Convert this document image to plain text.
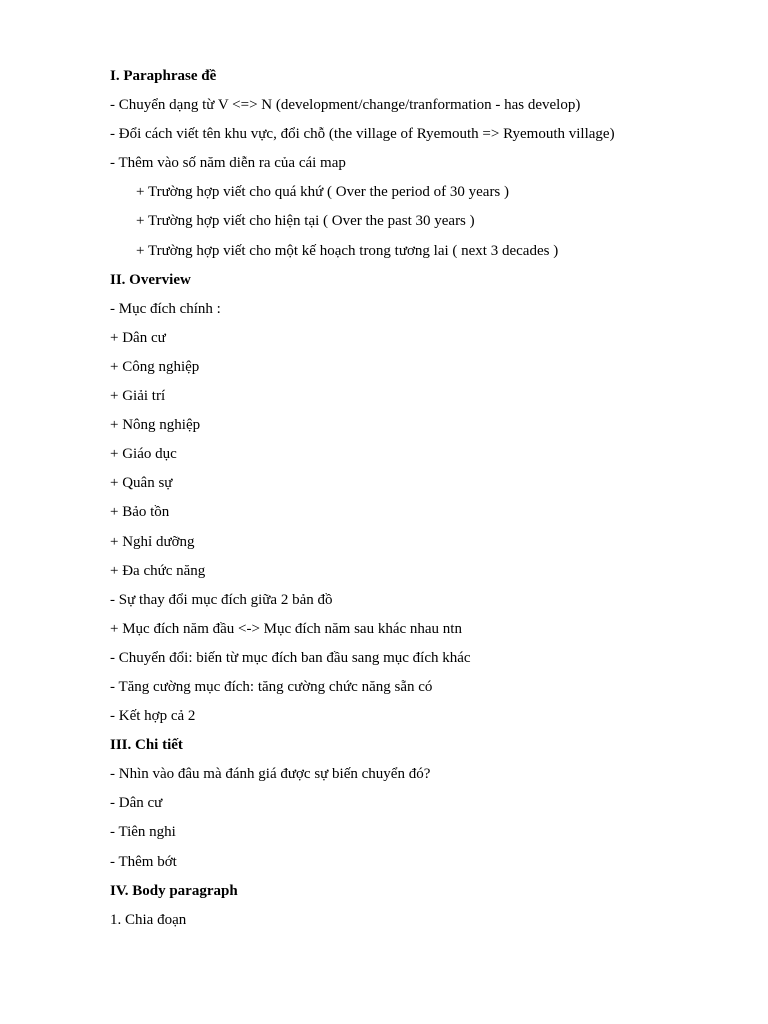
I. Paraphrase đề
- Chuyển dạng từ V <=> N (development/change/tranformation - has develop)
- Đổi cách viết tên khu vực, đổi chỗ (the village of Ryemouth => Ryemouth village)
- Thêm vào số năm diễn ra của cái map
+ Trường hợp viết cho quá khứ ( Over the period of 30 years )
+ Trường hợp viết cho hiện tại ( Over the past 30 years )
+ Trường hợp viết cho một kế hoạch trong tương lai ( next 3 decades )
II. Overview
- Mục đích chính :
+ Dân cư
+ Công nghiệp
+ Giải trí
+ Nông nghiệp
+ Giáo dục
+ Quân sự
+ Bảo tồn
+ Nghỉ dưỡng
+ Đa chức năng
- Sự thay đổi mục đích giữa 2 bản đồ
+ Mục đích năm đầu <-> Mục đích năm sau khác nhau ntn
- Chuyển đổi: biến từ mục đích ban đầu sang mục đích khác
- Tăng cường mục đích: tăng cường chức năng sẵn có
- Kết hợp cả 2
III. Chi tiết
- Nhìn vào đâu mà đánh giá được sự biến chuyển đó?
- Dân cư
- Tiên nghi
- Thêm bớt
IV. Body paragraph
1. Chia đoạn
